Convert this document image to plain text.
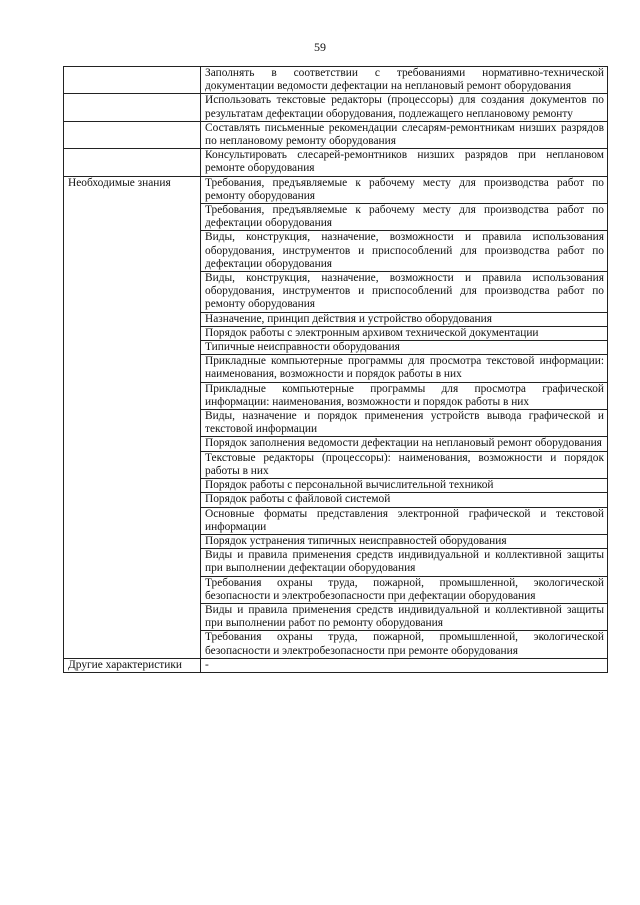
59
	Заполнять в соответствии с требованиями нормативно-технической документации ведомости дефектации на неплановый ремонт оборудования
	Использовать текстовые редакторы (процессоры) для создания документов по результатам дефектации оборудования, подлежащего неплановому ремонту
	Составлять письменные рекомендации слесарям-ремонтникам низших разрядов по неплановому ремонту оборудования
	Консультировать слесарей-ремонтников низших разрядов при неплановом ремонте оборудования
Необходимые знания	Требования, предъявляемые к рабочему месту для производства работ по ремонту оборудования
	Требования, предъявляемые к рабочему месту для производства работ по дефектации оборудования
	Виды, конструкция, назначение, возможности и правила использования оборудования, инструментов и приспособлений для производства работ по дефектации оборудования
	Виды, конструкция, назначение, возможности и правила использования оборудования, инструментов и приспособлений для производства работ по ремонту оборудования
	Назначение, принцип действия и устройство оборудования
	Порядок работы с электронным архивом технической документации
	Типичные неисправности оборудования
	Прикладные компьютерные программы для просмотра текстовой информации: наименования, возможности и порядок работы в них
	Прикладные компьютерные программы для просмотра графической информации: наименования, возможности и порядок работы в них
	Виды, назначение и порядок применения устройств вывода графической и текстовой информации
	Порядок заполнения ведомости дефектации на неплановый ремонт оборудования
	Текстовые редакторы (процессоры): наименования, возможности и порядок работы в них
	Порядок работы с персональной вычислительной техникой
	Порядок работы с файловой системой
	Основные форматы представления электронной графической и текстовой информации
	Порядок устранения типичных неисправностей оборудования
	Виды и правила применения средств индивидуальной и коллективной защиты при выполнении дефектации оборудования
	Требования охраны труда, пожарной, промышленной, экологической безопасности и электробезопасности при дефектации оборудования
	Виды и правила применения средств индивидуальной и коллективной защиты при выполнении работ по ремонту оборудования
	Требования охраны труда, пожарной, промышленной, экологической безопасности и электробезопасности при ремонте оборудования
Другие характеристики	-
